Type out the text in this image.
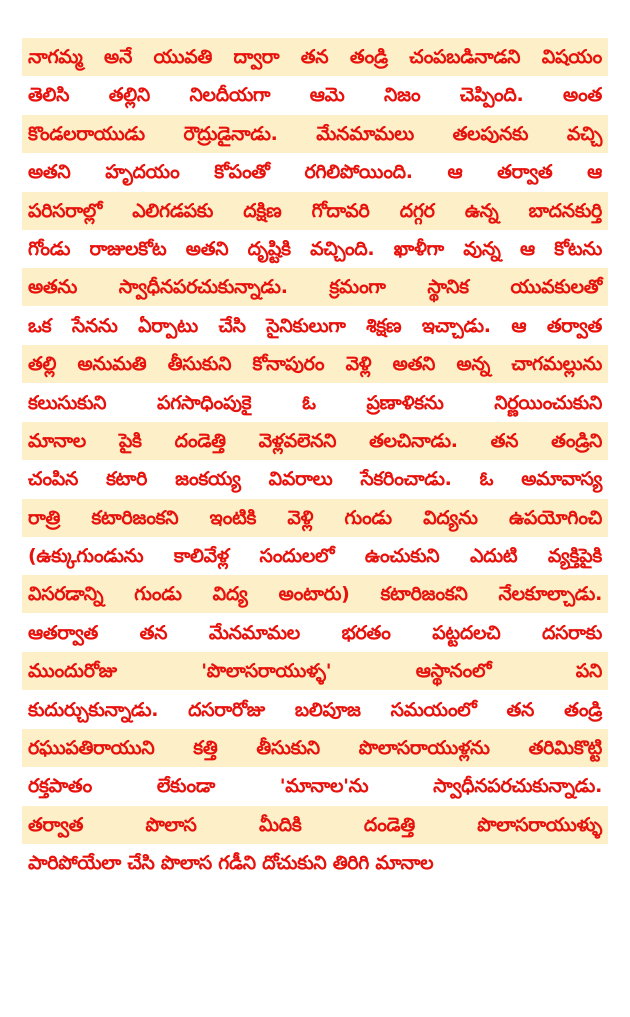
నాగమ్మ అనే యువతి ద్వారా తన తండ్రి చంపబడినాడని విషయం
తెలిసి తల్లిని నిలదీయగా ఆమె నిజం చెప్పింది. అంత
కొండలరాయుడు రౌద్రుడైనాడు. మేనమామలు తలపునకు వచ్చి
అతని హృదయం కోపంతో రగిలిపోయింది. ఆ తర్వాత ఆ
పరిసరాల్లో ఎలిగడపకు దక్షిణ గోదావరి దగ్గర ఉన్న బాదనకుర్తి
గోండు రాజులకోట అతని దృష్టికి వచ్చింది. ఖాళీగా వున్న ఆ కోటను
అతను స్వాధీనపరచుకున్నాడు. క్రమంగా స్థానిక యువకులతో
ఒక సేనను ఏర్పాటు చేసి సైనికులుగా శిక్షణ ఇచ్చాడు. ఆ తర్వాత
తల్లి అనుమతి తీసుకుని కోనాపురం వెళ్లి అతని అన్న చాగమల్లును
కలుసుకుని పగసాధింపుకై ఓ ప్రణాళికను నిర్ణయించుకుని
మానాల పైకి దండెత్తి వెళ్లవలెనని తలచినాడు. తన తండ్రిని
చంపిన కటారి జంకయ్య వివరాలు సేకరించాడు. ఓ అమావాస్య
రాత్రి కటారిజంకని ఇంటికి వెళ్లి గుండు విద్యను ఉపయోగించి
(ఉక్కుగుండును కాలివేళ్ల సందులలో ఉంచుకుని ఎదుటి వ్యక్తిపైకి
విసరడాన్ని గుండు విద్య అంటారు) కటారిజంకని నేలకూల్చాడు.
ఆతర్వాత తన మేనమామల భరతం పట్టదలచి దసరాకు
ముందురోజు 'పొలాసరాయుళ్ళ' ఆస్థానంలో పని
కుదుర్చుకున్నాడు. దసరారోజు బలిపూజ సమయంలో తన తండ్రి
రఘుపతిరాయుని కత్తి తీసుకుని పొలాసరాయుళ్లను తరిమికొట్టి
రక్తపాతం లేకుండా 'మానాల'ను స్వాధీనపరచుకున్నాడు.
తర్వాత పొలాస మీదికి దండెత్తి పొలాసరాయుళ్ళు
పారిపోయేలా చేసి పొలాస గడీని దోచుకుని తిరిగి మానాల
